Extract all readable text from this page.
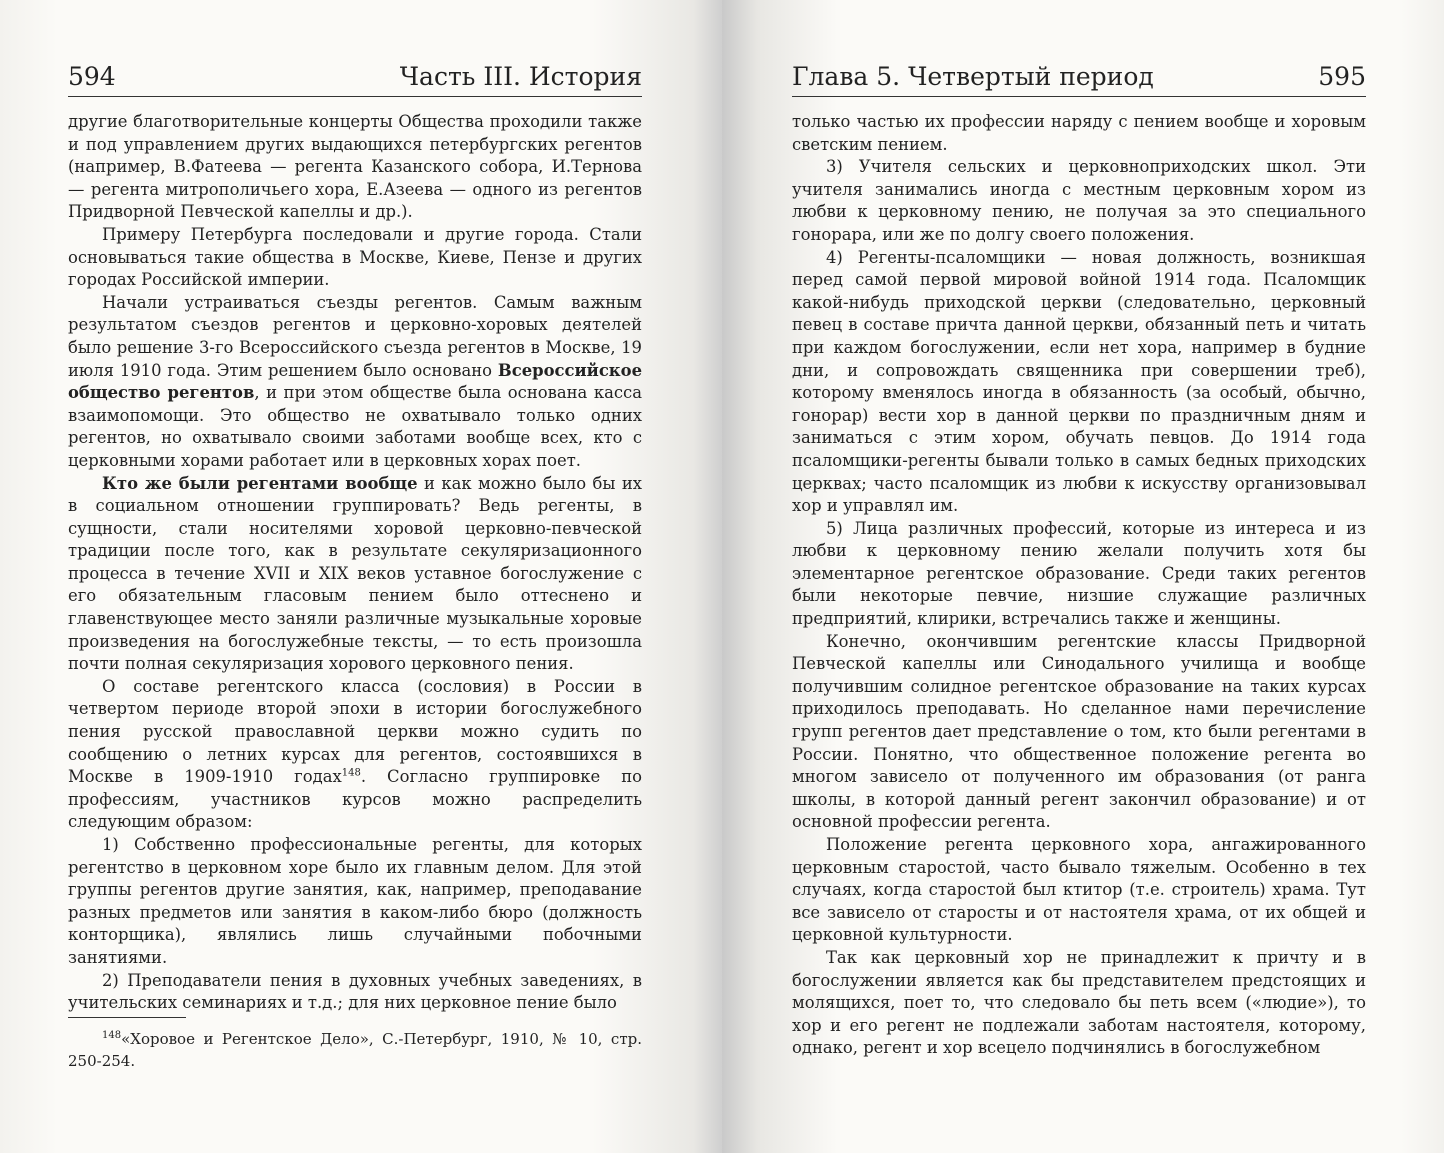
594	Часть III. История

другие благотворительные концерты Общества проходили также и под управлением других выдающихся петербургских регентов (например, В.Фатеева — регента Казанского собора, И.Тернова — регента митрополичьего хора, Е.Азеева — одного из регентов Придворной Певческой капеллы и др.).

Примеру Петербурга последовали и другие города. Стали основываться такие общества в Москве, Киеве, Пензе и других городах Российской империи.

Начали устраиваться съезды регентов. Самым важным результатом съездов регентов и церковно-хоровых деятелей было решение 3-го Всероссийского съезда регентов в Москве, 19 июля 1910 года. Этим решением было основано Всероссийское общество регентов, и при этом обществе была основана касса взаимопомощи. Это общество не охватывало только одних регентов, но охватывало своими заботами вообще всех, кто с церковными хорами работает или в церковных хорах поет.

Кто же были регентами вообще и как можно было бы их в социальном отношении группировать? Ведь регенты, в сущности, стали носителями хоровой церковно-певческой традиции после того, как в результате секуляризационного процесса в течение XVII и XIX веков уставное богослужение с его обязательным гласовым пением было оттеснено и главенствующее место заняли различные музыкальные хоровые произведения на богослужебные тексты, — то есть произошла почти полная секуляризация хорового церковного пения.

О составе регентского класса (сословия) в России в четвертом периоде второй эпохи в истории богослужебного пения русской православной церкви можно судить по сообщению о летних курсах для регентов, состоявшихся в Москве в 1909-1910 годах$^{148}$. Согласно группировке по профессиям, участников курсов можно распределить следующим образом:

1) Собственно профессиональные регенты, для которых регентство в церковном хоре было их главным делом. Для этой группы регентов другие занятия, как, например, преподавание разных предметов или занятия в каком-либо бюро (должность конторщика), являлись лишь случайными побочными занятиями.

2) Преподаватели пения в духовных учебных заведениях, в учительских семинариях и т.д.; для них церковное пение было

$^{148}$«Хоровое и Регентское Дело», С.-Петербург, 1910, № 10, стр. 250-254.
Глава 5. Четвертый период	595

только частью их профессии наряду с пением вообще и хоровым светским пением.

3) Учителя сельских и церковноприходских школ. Эти учителя занимались иногда с местным церковным хором из любви к церковному пению, не получая за это специального гонорара, или же по долгу своего положения.

4) Регенты-псаломщики — новая должность, возникшая перед самой первой мировой войной 1914 года. Псаломщик какой-нибудь приходской церкви (следовательно, церковный певец в составе причта данной церкви, обязанный петь и читать при каждом богослужении, если нет хора, например в будние дни, и сопровождать священника при совершении треб), которому вменялось иногда в обязанность (за особый, обычно, гонорар) вести хор в данной церкви по праздничным дням и заниматься с этим хором, обучать певцов. До 1914 года псаломщики-регенты бывали только в самых бедных приходских церквах; часто псаломщик из любви к искусству организовывал хор и управлял им.

5) Лица различных профессий, которые из интереса и из любви к церковному пению желали получить хотя бы элементарное регентское образование. Среди таких регентов были некоторые певчие, низшие служащие различных предприятий, клирики, встречались также и женщины.

Конечно, окончившим регентские классы Придворной Певческой капеллы или Синодального училища и вообще получившим солидное регентское образование на таких курсах приходилось преподавать. Но сделанное нами перечисление групп регентов дает представление о том, кто были регентами в России. Понятно, что общественное положение регента во многом зависело от полученного им образования (от ранга школы, в которой данный регент закончил образование) и от основной профессии регента.

Положение регента церковного хора, ангажированного церковным старостой, часто бывало тяжелым. Особенно в тех случаях, когда старостой был ктитор (т.е. строитель) храма. Тут все зависело от старосты и от настоятеля храма, от их общей и церковной культурности.

Так как церковный хор не принадлежит к причту и в богослужении является как бы представителем предстоящих и молящихся, поет то, что следовало бы петь всем («людие»), то хор и его регент не подлежали заботам настоятеля, которому, однако, регент и хор всецело подчинялись в богослужебном
